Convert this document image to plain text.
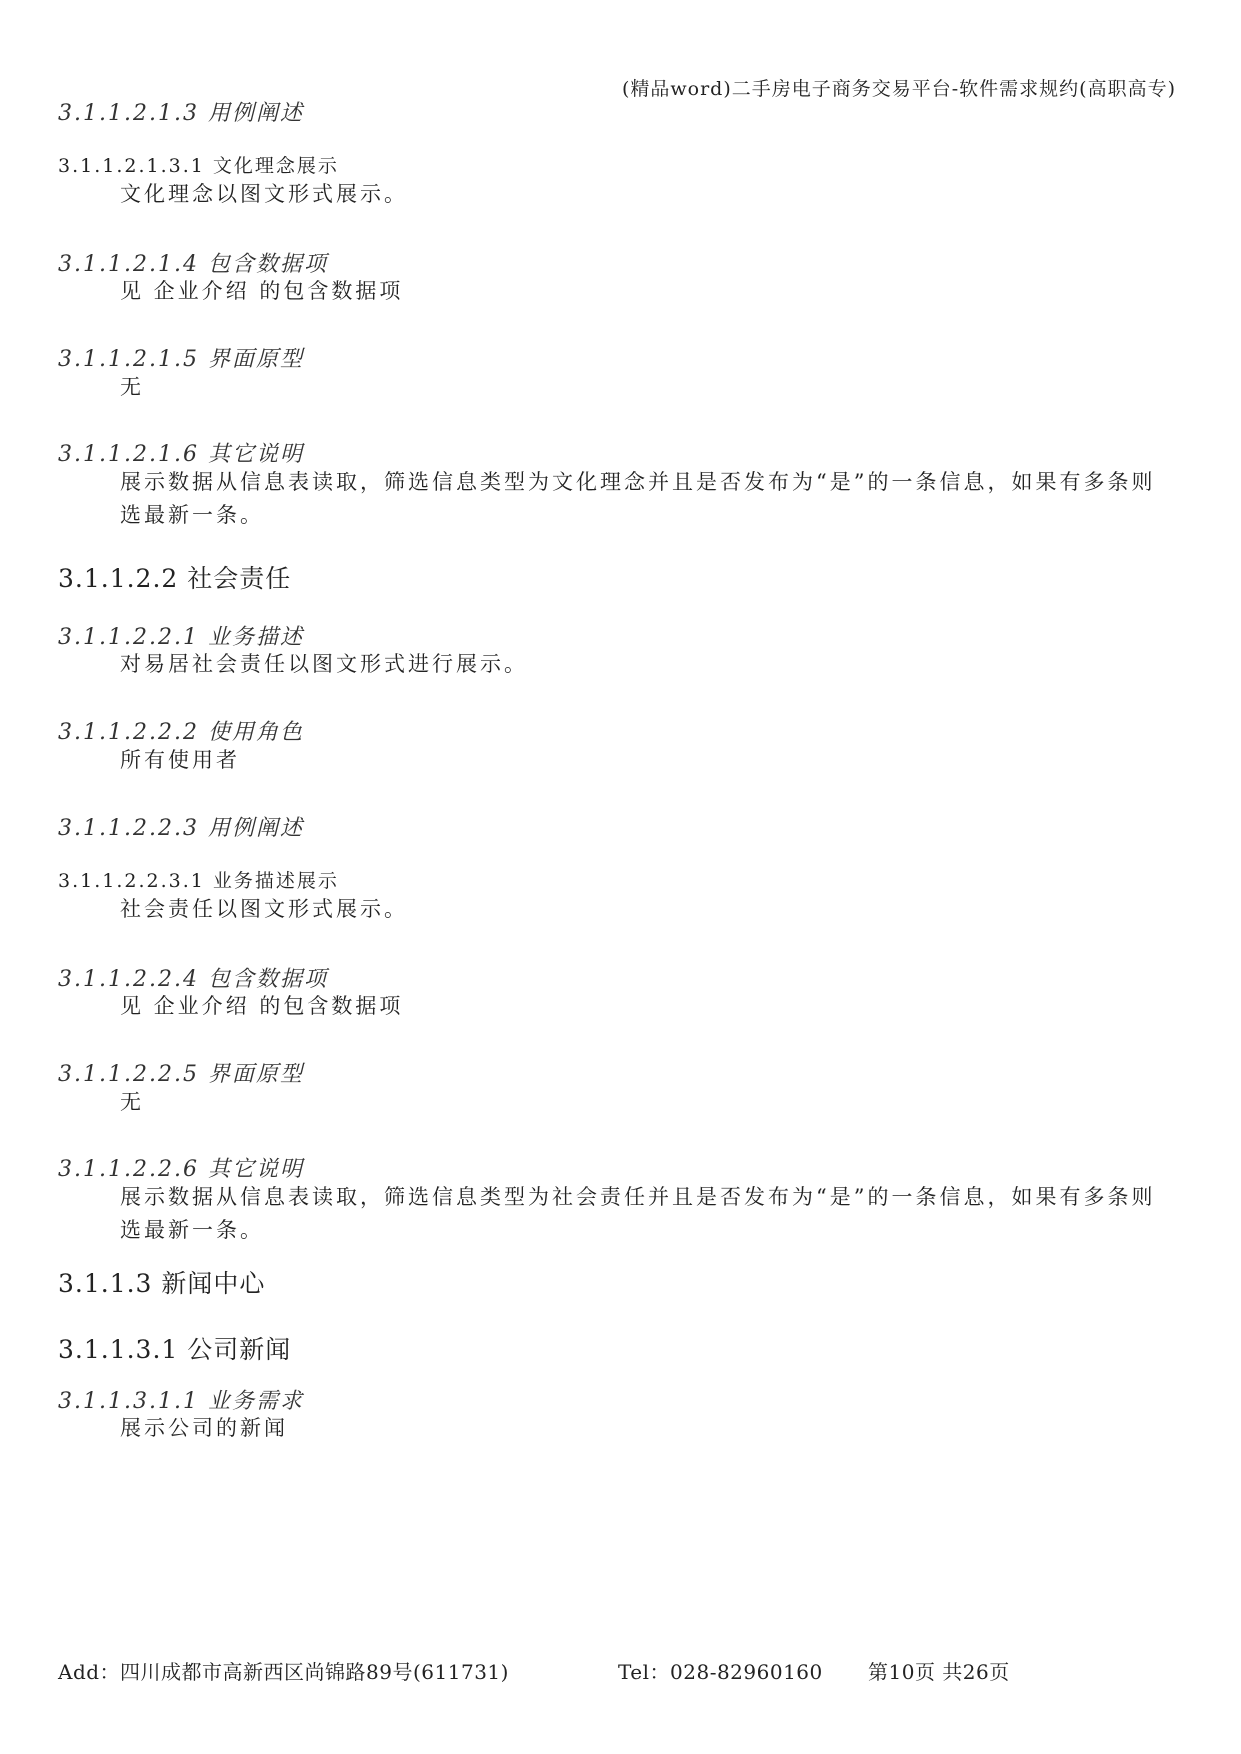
(精品word)二手房电子商务交易平台-软件需求规约(高职高专)
3.1.1.2.1.3 用例阐述
3.1.1.2.1.3.1 文化理念展示
文化理念以图文形式展示。
3.1.1.2.1.4 包含数据项
见 企业介绍 的包含数据项
3.1.1.2.1.5 界面原型
无
3.1.1.2.1.6 其它说明
展示数据从信息表读取，筛选信息类型为文化理念并且是否发布为“是”的一条信息，如果有多条则选最新一条。
3.1.1.2.2 社会责任
3.1.1.2.2.1 业务描述
对易居社会责任以图文形式进行展示。
3.1.1.2.2.2 使用角色
所有使用者
3.1.1.2.2.3 用例阐述
3.1.1.2.2.3.1 业务描述展示
社会责任以图文形式展示。
3.1.1.2.2.4 包含数据项
见 企业介绍 的包含数据项
3.1.1.2.2.5 界面原型
无
3.1.1.2.2.6 其它说明
展示数据从信息表读取，筛选信息类型为社会责任并且是否发布为“是”的一条信息，如果有多条则选最新一条。
3.1.1.3 新闻中心
3.1.1.3.1 公司新闻
3.1.1.3.1.1 业务需求
展示公司的新闻
Add：四川成都市高新西区尚锦路89号(611731)	Tel：028-82960160 第10页 共26页
